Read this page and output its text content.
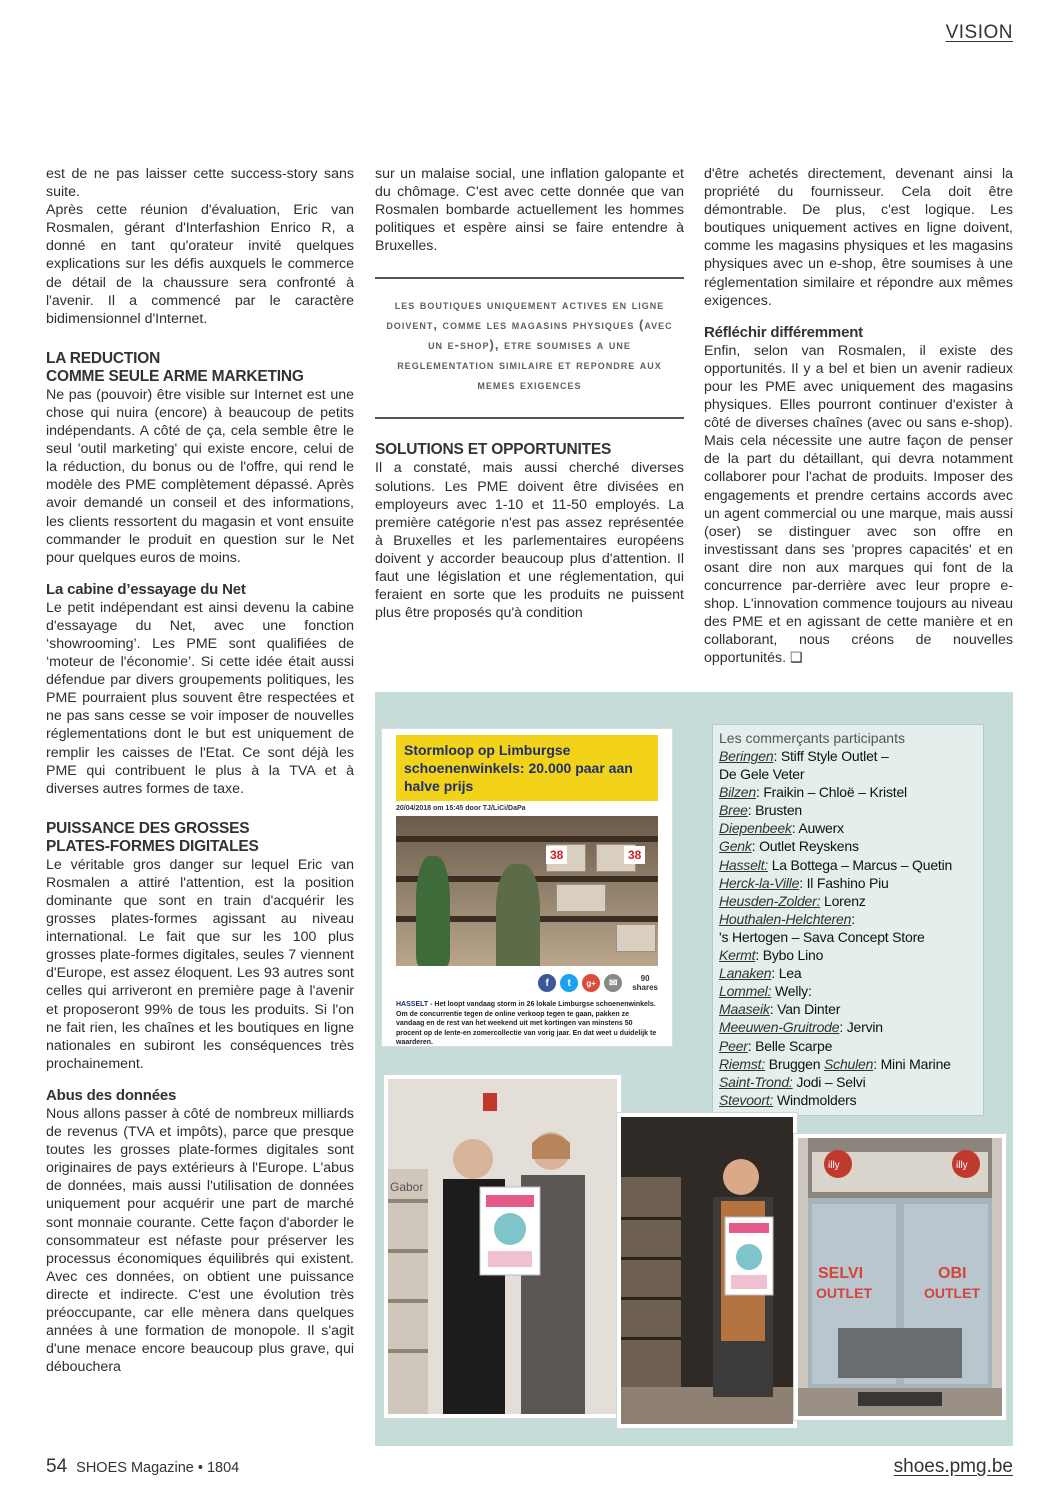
VISION

est de ne pas laisser cette success-story sans suite.

Après cette réunion d'évaluation, Eric van Rosmalen, gérant d'Interfashion Enrico R, a donné en tant qu'orateur invité quelques explications sur les défis auxquels le commerce de détail de la chaussure sera confronté à l'avenir. Il a commencé par le caractère bidimensionnel d'Internet.

LA REDUCTION
COMME SEULE ARME MARKETING

Ne pas (pouvoir) être visible sur Internet est une chose qui nuira (encore) à beaucoup de petits indépendants. A côté de ça, cela semble être le seul 'outil marketing' qui existe encore, celui de la réduction, du bonus ou de l'offre, qui rend le modèle des PME complètement dépassé. Après avoir demandé un conseil et des informations, les clients ressortent du magasin et vont ensuite commander le produit en question sur le Net pour quelques euros de moins.

La cabine d’essayage du Net

Le petit indépendant est ainsi devenu la cabine d'essayage du Net, avec une fonction ‘showrooming’. Les PME sont qualifiées de ‘moteur de l'économie’. Si cette idée était aussi défendue par divers groupements politiques, les PME pourraient plus souvent être respectées et ne pas sans cesse se voir imposer de nouvelles réglementations dont le but est uniquement de remplir les caisses de l'Etat. Ce sont déjà les PME qui contribuent le plus à la TVA et à diverses autres formes de taxe.

PUISSANCE DES GROSSES
PLATES-FORMES DIGITALES

Le véritable gros danger sur lequel Eric van Rosmalen a attiré l'attention, est la position dominante que sont en train d'acquérir les grosses plates-formes agissant au niveau international. Le fait que sur les 100 plus grosses plate-formes digitales, seules 7 viennent d'Europe, est assez éloquent. Les 93 autres sont celles qui arriveront en première page à l'avenir et proposeront 99% de tous les produits. Si l'on ne fait rien, les chaînes et les boutiques en ligne nationales en subiront les conséquences très prochainement.

Abus des données

Nous allons passer à côté de nombreux milliards de revenus (TVA et impôts), parce que presque toutes les grosses plate-formes digitales sont originaires de pays extérieurs à l'Europe. L'abus de données, mais aussi l'utilisation de données uniquement pour acquérir une part de marché sont monnaie courante. Cette façon d'aborder le consommateur est néfaste pour préserver les processus économiques équilibrés qui existent. Avec ces données, on obtient une puissance directe et indirecte. C'est une évolution très préoccupante, car elle mènera dans quelques années à une formation de monopole. Il s'agit d'une menace encore beaucoup plus grave, qui débouchera

sur un malaise social, une inflation galopante et du chômage. C'est avec cette donnée que van Rosmalen bombarde actuellement les hommes politiques et espère ainsi se faire entendre à Bruxelles.

les boutiques uniquement actives en ligne doivent, comme les magasins physiques (avec un e-shop), etre soumises a une reglementation similaire et repondre aux memes exigences
SOLUTIONS ET OPPORTUNITES

Il a constaté, mais aussi cherché diverses solutions. Les PME doivent être divisées en employeurs avec 1-10 et 11-50 employés. La première catégorie n'est pas assez représentée à Bruxelles et les parlementaires européens doivent y accorder beaucoup plus d'attention. Il faut une législation et une réglementation, qui feraient en sorte que les produits ne puissent plus être proposés qu'à condition

d'être achetés directement, devenant ainsi la propriété du fournisseur. Cela doit être démontrable. De plus, c'est logique. Les boutiques uniquement actives en ligne doivent, comme les magasins physiques et les magasins physiques avec un e-shop, être soumises à une réglementation similaire et répondre aux mêmes exigences.

Réfléchir différemment

Enfin, selon van Rosmalen, il existe des opportunités. Il y a bel et bien un avenir radieux pour les PME avec uniquement des magasins physiques. Elles pourront continuer d'exister à côté de diverses chaînes (avec ou sans e-shop). Mais cela nécessite une autre façon de penser de la part du détaillant, qui devra notamment collaborer pour l'achat de produits. Imposer des engagements et prendre certains accords avec un agent commercial ou une marque, mais aussi (oser) se distinguer avec son offre en investissant dans ses 'propres capacités' et en osant dire non aux marques qui font de la concurrence par-derrière avec leur propre e-shop. L'innovation commence toujours au niveau des PME et en agissant de cette manière et en collaborant, nous créons de nouvelles opportunités. ❑

Stormloop op Limburgse schoenenwinkels: 20.000 paar aan halve prijs
20/04/2018 om 15:45 door TJ/LiCi/DaPa
38	38
f	t	g+	✉	90
shares
HASSELT - Het loopt vandaag storm in 26 lokale Limburgse schoenenwinkels. Om de concurrentie tegen de online verkoop tegen te gaan, pakken ze vandaag en de rest van het weekend uit met kortingen van minstens 50 procent op de lente-en zomercollectie van vorig jaar. En dat weet u duidelijk te waarderen.
Les commerçants participants
Beringen: Stiff Style Outlet –
De Gele Veter
Bilzen: Fraikin – Chloë – Kristel
Bree: Brusten
Diepenbeek: Auwerx
Genk: Outlet Reyskens
Hasselt: La Bottega – Marcus – Quetin
Herck-la-Ville: Il Fashino Piu
Heusden-Zolder: Lorenz
Houthalen-Helchteren:
's Hertogen – Sava Concept Store
Kermt: Bybo Lino
Lanaken: Lea
Lommel: Welly:
Maaseik: Van Dinter
Meeuwen-Gruitrode: Jervin
Peer: Belle Scarpe
Riemst: Bruggen Schulen: Mini Marine
Saint-Trond: Jodi – Selvi
Stevoort: Windmolders
Gabor
illy	illy
SELVI
OUTLET
OBI
OUTLET
54 SHOES Magazine • 1804	shoes.pmg.be
